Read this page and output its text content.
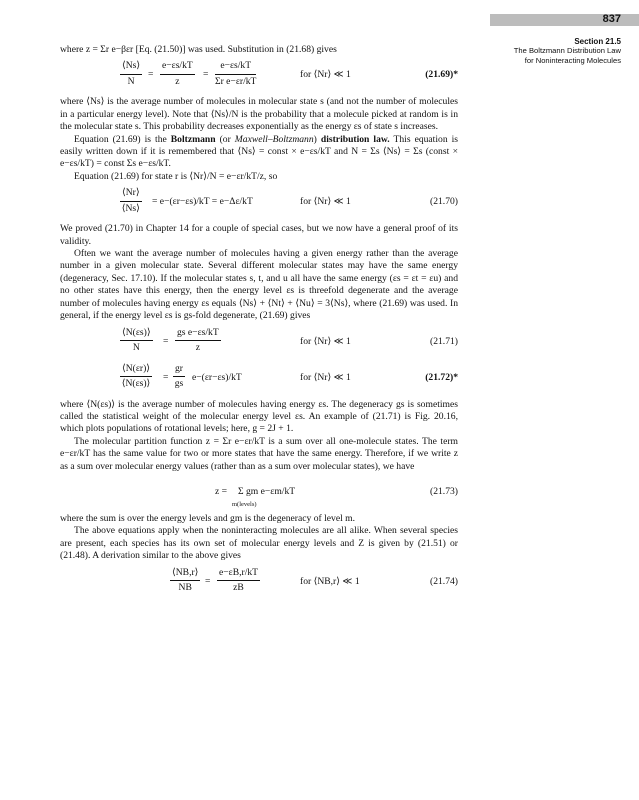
837
Section 21.5
The Boltzmann Distribution Law
for Noninteracting Molecules

where z = Σr e−βεr [Eq. (21.50)] was used. Substitution in (21.68) gives

$\frac{⟨Ns⟩}{N} = \frac{e-\varepsilon s/kT}{z} = \frac{e-\varepsilon s/kT}{\text{Σr e−εr/kT}}$	for ⟨Nr⟩ ≪ 1	(21.69)*

where ⟨Ns⟩ is the average number of molecules in molecular state s (and not the number of molecules in a particular energy level). Note that ⟨Ns⟩/N is the probability that a molecule picked at random is in the molecular state s. This probability decreases exponentially as the energy εs of state s increases.

Equation (21.69) is the Boltzmann (or Maxwell–Boltzmann) distribution law. This equation is easily written down if it is remembered that ⟨Ns⟩ = const × e−εs/kT and N = Σs ⟨Ns⟩ = Σs (const × e−εs/kT) = const Σs e−εs/kT.

Equation (21.69) for state r is ⟨Nr⟩/N = e−εr/kT/z, so

$\frac{⟨Nr⟩}{⟨Ns⟩} = e-(\varepsilon r-\varepsilon s)/kT = e-\Delta\varepsilon/kT$	for ⟨Nr⟩ ≪ 1	(21.70)

We proved (21.70) in Chapter 14 for a couple of special cases, but we now have a general proof of its validity.

Often we want the average number of molecules having a given energy rather than the average number in a given molecular state. Several different molecular states may have the same energy (degeneracy, Sec. 17.10). If the molecular states s, t, and u all have the same energy (εs = εt = εu) and no other states have this energy, then the energy level εs is threefold degenerate and the average number of molecules having energy εs equals ⟨Ns⟩ + ⟨Nt⟩ + ⟨Nu⟩ = 3⟨Ns⟩, where (21.69) was used. In general, if the energy level εs is gs-fold degenerate, (21.69) gives

$\frac{⟨N(\varepsilon s)⟩}{N} = \frac{\text{gs e−εs/kT}}{z}$	for ⟨Nr⟩ ≪ 1	(21.71)
$\frac{⟨N(\varepsilon r)⟩}{⟨N(\varepsilon s)⟩} = \frac{gr}{gs} e-(\varepsilon r-\varepsilon s)/kT$	for ⟨Nr⟩ ≪ 1	(21.72)*

where ⟨N(εs)⟩ is the average number of molecules having energy εs. The degeneracy gs is sometimes called the statistical weight of the molecular energy level εs. An example of (21.71) is Fig. 20.16, which plots populations of rotational levels; here, g = 2J + 1.

The molecular partition function z = Σr e−εr/kT is a sum over all one-molecule states. The term e−εr/kT has the same value for two or more states that have the same energy. Therefore, if we write z as a sum over molecular energy values (rather than as a sum over molecular states), we have

z = Σ gm e−εm/kT
m(levels)
(21.73)

where the sum is over the energy levels and gm is the degeneracy of level m.

The above equations apply when the noninteracting molecules are all alike. When several species are present, each species has its own set of molecular energy levels and Z is given by (21.51) or (21.48). A derivation similar to the above gives

$\frac{⟨NB,r⟩}{NB} = \frac{e-\varepsilon B,r/kT}{zB}$	for ⟨NB,r⟩ ≪ 1	(21.74)
